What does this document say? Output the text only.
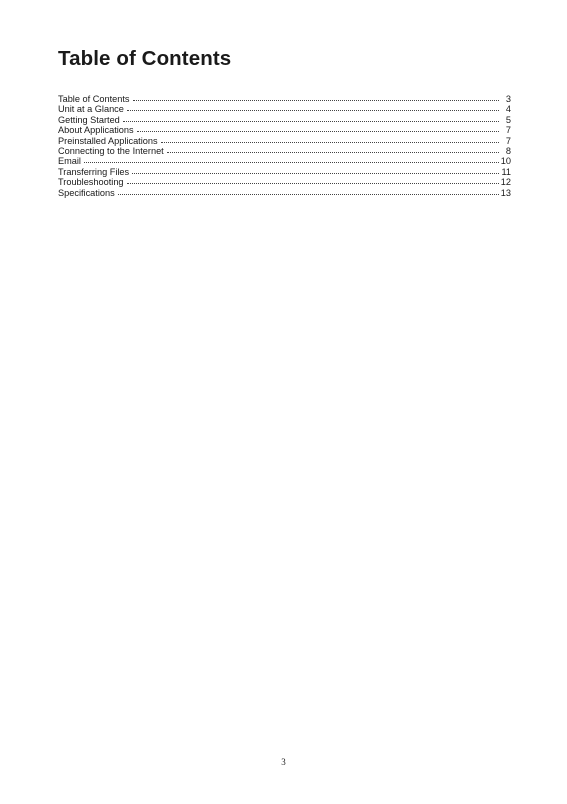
Table of Contents
Table of Contents	3
Unit at a Glance	4
Getting Started	5
About Applications	7
Preinstalled Applications	7
Connecting to the Internet	8
Email	10
Transferring Files	11
Troubleshooting	12
Specifications	13
3
